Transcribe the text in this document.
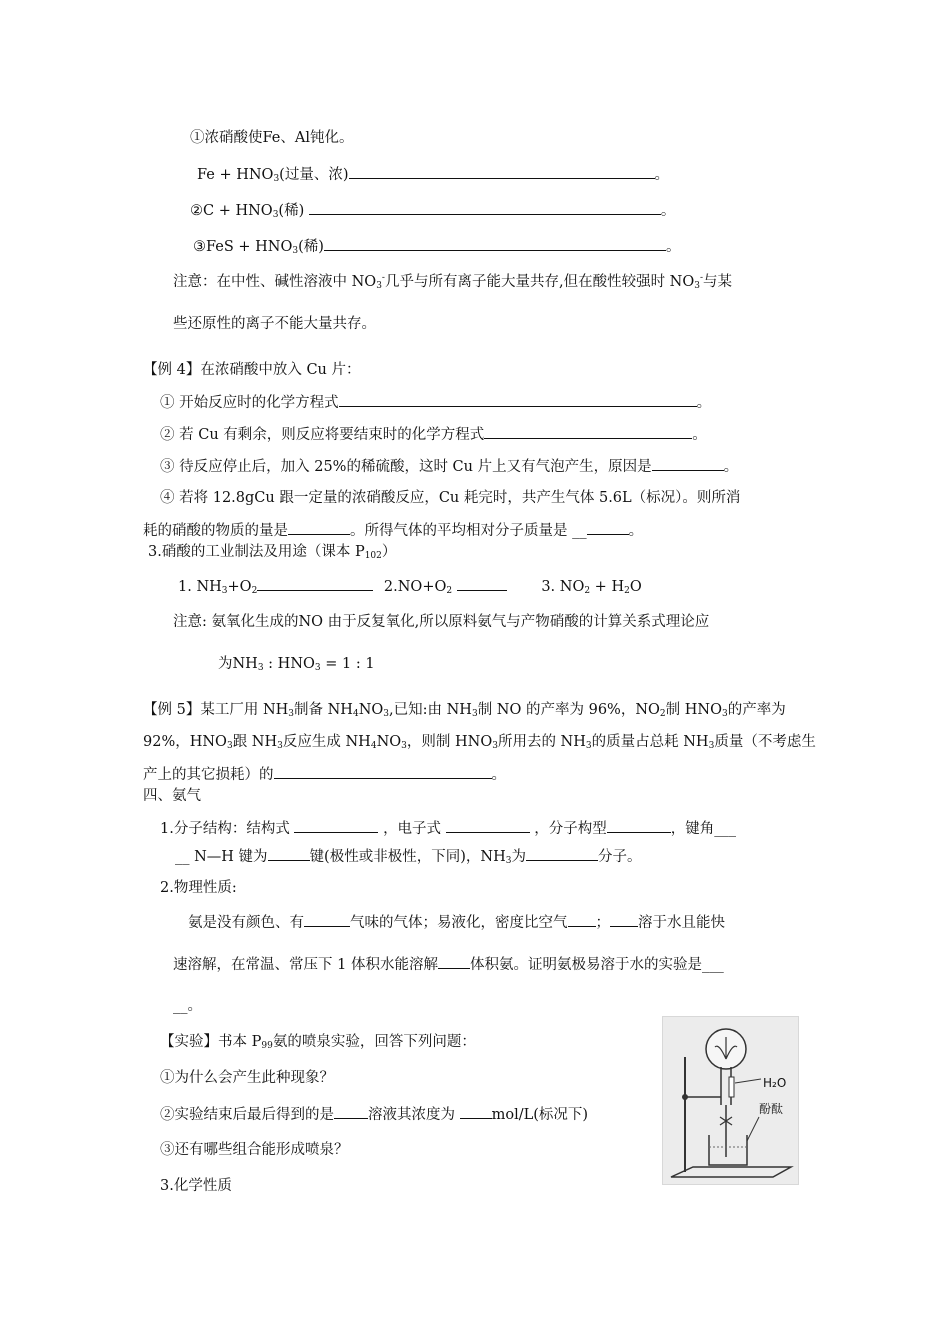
①浓硝酸使Fe、Al钝化。
$Fe + HNO_3$(过量、浓)	。
②C + $HNO_3$(稀)	。
③FeS + $HNO_3$(稀)	。
注意：在中性、碱性溶液中 $NO_3^-$几乎与所有离子能大量共存,但在酸性较强时 $NO_3^-$与某
些还原性的离子不能大量共存。
【例 4】在浓硝酸中放入 Cu 片：
① 开始反应时的化学方程式	。
② 若 Cu 有剩余，则反应将要结束时的化学方程式	。
③ 待反应停止后，加入 25%的稀硫酸，这时 Cu 片上又有气泡产生，原因是	。
④ 若将 12.8gCu 跟一定量的浓硝酸反应，Cu 耗完时，共产生气体 5.6L（标况）。则所消
耗的硝酸的物质的量是	。所得气体的平均相对分子质量是 __	。
3.硝酸的工业制法及用途（课本 $P_{102}$）
1. $NH_3+O_2$	$2.NO+O_2$	3. $NO_2 + H_2O$
注意: 氨氧化生成的NO 由于反复氧化,所以原料氨气与产物硝酸的计算关系式理论应
为$NH_3$ : $HNO_3 = 1$ : 1
【例 5】某工厂用 $NH_3$制备 $NH_4NO_3$,已知:由 $NH_3$制 NO 的产率为 96%，$NO_2$制 $HNO_3$的产率为
92%，$HNO_3$跟 $NH_3$反应生成 $NH_4NO_3$，则制 $HNO_3$所用去的 $NH_3$的质量占总耗 $NH_3$质量（不考虑生
产上的其它损耗）的	。
四、氨气
1.分子结构：结构式	，电子式	，分子构型	，键角___
__ N—H 键为	键(极性或非极性，下同)，$NH_3$为	分子。
2.物理性质:
氨是没有颜色、有	气味的气体；易液化，密度比空气 ； 溶于水且能快
速溶解，在常温、常压下 1 体积水能溶解 体积氨。证明氨极易溶于水的实验是___
__。
【实验】书本 $P_{99}$氨的喷泉实验，回答下列问题：
①为什么会产生此种现象？
②实验结束后最后得到的是 溶液其浓度为 mol/L(标况下)
③还有哪些组合能形成喷泉？
3.化学性质
H₂O
酚酞
